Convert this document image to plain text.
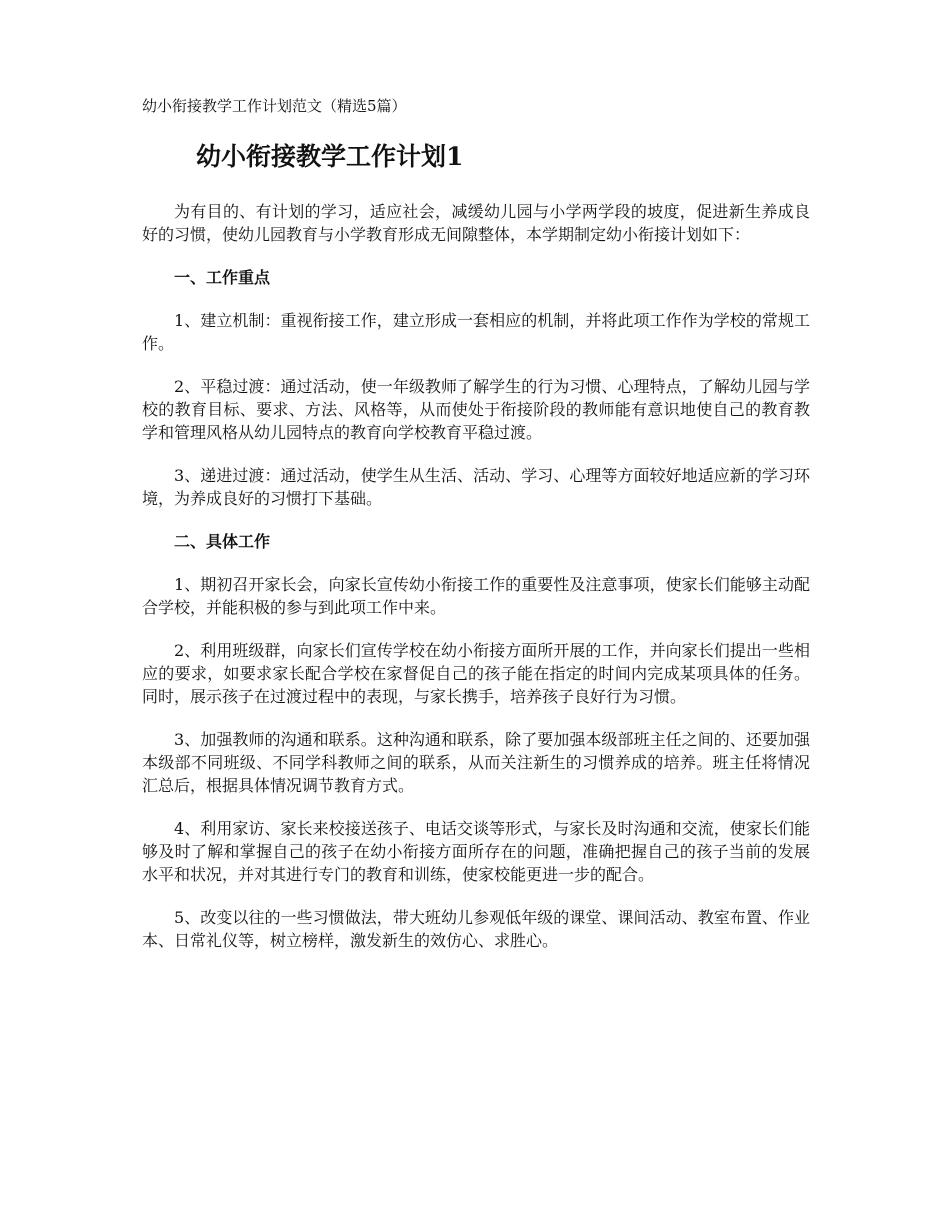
幼小衔接教学工作计划范文（精选5篇）
幼小衔接教学工作计划1

为有目的、有计划的学习，适应社会，减缓幼儿园与小学两学段的坡度，促进新生养成良好的习惯，使幼儿园教育与小学教育形成无间隙整体，本学期制定幼小衔接计划如下：

一、工作重点

1、建立机制：重视衔接工作，建立形成一套相应的机制，并将此项工作作为学校的常规工作。

2、平稳过渡：通过活动，使一年级教师了解学生的行为习惯、心理特点，了解幼儿园与学校的教育目标、要求、方法、风格等，从而使处于衔接阶段的教师能有意识地使自己的教育教学和管理风格从幼儿园特点的教育向学校教育平稳过渡。

3、递进过渡：通过活动，使学生从生活、活动、学习、心理等方面较好地适应新的学习环境，为养成良好的习惯打下基础。

二、具体工作

1、期初召开家长会，向家长宣传幼小衔接工作的重要性及注意事项，使家长们能够主动配合学校，并能积极的参与到此项工作中来。

2、利用班级群，向家长们宣传学校在幼小衔接方面所开展的工作，并向家长们提出一些相应的要求，如要求家长配合学校在家督促自己的孩子能在指定的时间内完成某项具体的任务。同时，展示孩子在过渡过程中的表现，与家长携手，培养孩子良好行为习惯。

3、加强教师的沟通和联系。这种沟通和联系，除了要加强本级部班主任之间的、还要加强本级部不同班级、不同学科教师之间的联系，从而关注新生的习惯养成的培养。班主任将情况汇总后，根据具体情况调节教育方式。

4、利用家访、家长来校接送孩子、电话交谈等形式，与家长及时沟通和交流，使家长们能够及时了解和掌握自己的孩子在幼小衔接方面所存在的问题，准确把握自己的孩子当前的发展水平和状况，并对其进行专门的教育和训练，使家校能更进一步的配合。

5、改变以往的一些习惯做法，带大班幼儿参观低年级的课堂、课间活动、教室布置、作业本、日常礼仪等，树立榜样，激发新生的效仿心、求胜心。
